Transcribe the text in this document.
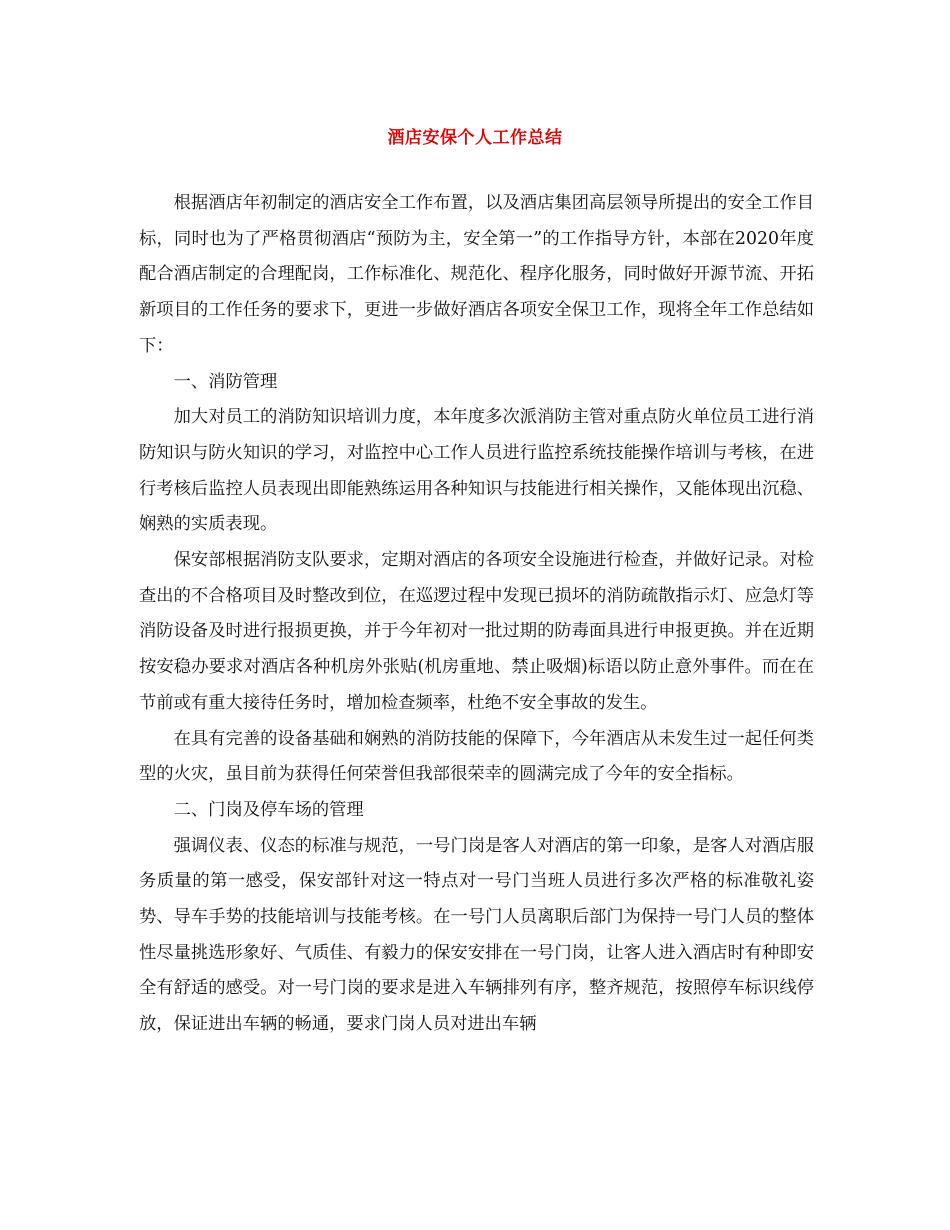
酒店安保个人工作总结

根据酒店年初制定的酒店安全工作布置，以及酒店集团高层领导所提出的安全工作目标，同时也为了严格贯彻酒店“预防为主，安全第一”的工作指导方针，本部在2020年度配合酒店制定的合理配岗，工作标准化、规范化、程序化服务，同时做好开源节流、开拓新项目的工作任务的要求下，更进一步做好酒店各项安全保卫工作，现将全年工作总结如下：

一、消防管理

加大对员工的消防知识培训力度，本年度多次派消防主管对重点防火单位员工进行消防知识与防火知识的学习，对监控中心工作人员进行监控系统技能操作培训与考核，在进行考核后监控人员表现出即能熟练运用各种知识与技能进行相关操作，又能体现出沉稳、娴熟的实质表现。

保安部根据消防支队要求，定期对酒店的各项安全设施进行检查，并做好记录。对检查出的不合格项目及时整改到位，在巡逻过程中发现已损坏的消防疏散指示灯、应急灯等消防设备及时进行报损更换，并于今年初对一批过期的防毒面具进行申报更换。并在近期按安稳办要求对酒店各种机房外张贴(机房重地、禁止吸烟)标语以防止意外事件。而在在节前或有重大接待任务时，增加检查频率，杜绝不安全事故的发生。

在具有完善的设备基础和娴熟的消防技能的保障下，今年酒店从未发生过一起任何类型的火灾，虽目前为获得任何荣誉但我部很荣幸的圆满完成了今年的安全指标。

二、门岗及停车场的管理

强调仪表、仪态的标准与规范，一号门岗是客人对酒店的第一印象，是客人对酒店服务质量的第一感受，保安部针对这一特点对一号门当班人员进行多次严格的标准敬礼姿势、导车手势的技能培训与技能考核。在一号门人员离职后部门为保持一号门人员的整体性尽量挑选形象好、气质佳、有毅力的保安安排在一号门岗，让客人进入酒店时有种即安全有舒适的感受。对一号门岗的要求是进入车辆排列有序，整齐规范，按照停车标识线停放，保证进出车辆的畅通，要求门岗人员对进出车辆
